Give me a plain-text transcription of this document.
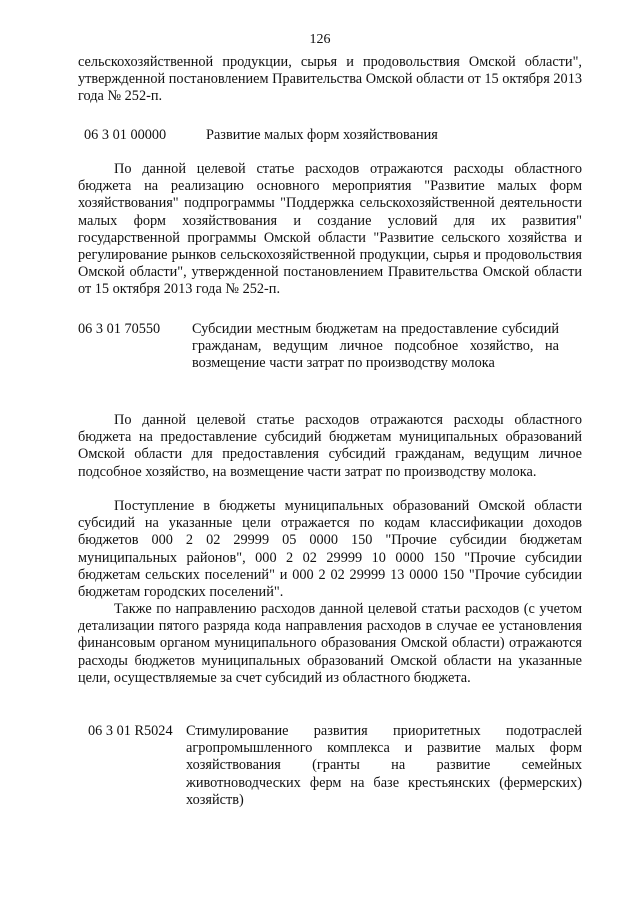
126

сельскохозяйственной продукции, сырья и продовольствия Омской области", утвержденной постановлением Правительства Омской области от 15 октября 2013 года № 252-п.

06 3 01 00000	Развитие малых форм хозяйствования

По данной целевой статье расходов отражаются расходы областного бюджета на реализацию основного мероприятия "Развитие малых форм хозяйствования" подпрограммы "Поддержка сельскохозяйственной деятельности малых форм хозяйствования и создание условий для их развития" государственной программы Омской области "Развитие сельского хозяйства и регулирование рынков сельскохозяйственной продукции, сырья и продовольствия Омской области", утвержденной постановлением Правительства Омской области от 15 октября 2013 года № 252-п.

06 3 01 70550 Субсидии местным бюджетам на предоставление субсидий гражданам, ведущим личное подсобное хозяйство, на возмещение части затрат по производству молока

По данной целевой статье расходов отражаются расходы областного бюджета на предоставление субсидий бюджетам муниципальных образований Омской области для предоставления субсидий гражданам, ведущим личное подсобное хозяйство, на возмещение части затрат по производству молока.

Поступление в бюджеты муниципальных образований Омской области субсидий на указанные цели отражается по кодам классификации доходов бюджетов 000 2 02 29999 05 0000 150 "Прочие субсидии бюджетам муниципальных районов", 000 2 02 29999 10 0000 150 "Прочие субсидии бюджетам сельских поселений" и 000 2 02 29999 13 0000 150 "Прочие субсидии бюджетам городских поселений".

Также по направлению расходов данной целевой статьи расходов (с учетом детализации пятого разряда кода направления расходов в случае ее установления финансовым органом муниципального образования Омской области) отражаются расходы бюджетов муниципальных образований Омской области на указанные цели, осуществляемые за счет субсидий из областного бюджета.

06 3 01 R5024 Стимулирование развития приоритетных подотраслей агропромышленного комплекса и развитие малых форм хозяйствования (гранты на развитие семейных животноводческих ферм на базе крестьянских (фермерских) хозяйств)
